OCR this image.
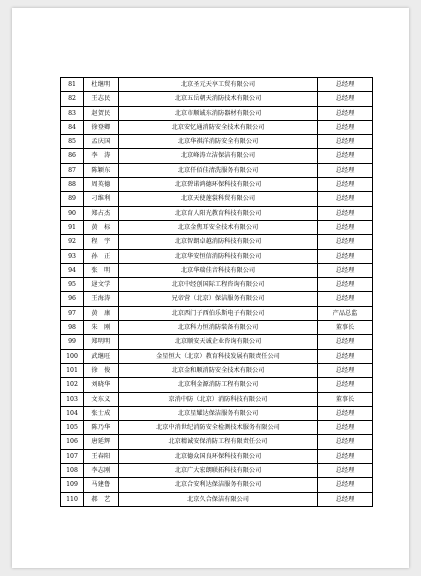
81	杜继明	北京圣元天享工贸有限公司	总经理
82	王志民	北京五岳朝天消防技术有限公司	总经理
83	赵贺民	北京市顺诚东消防器材有限公司	总经理
84	徐登卿	北京安忆通消防安全技术有限公司	总经理
85	孟庆国	北京华祺洋消防安全有限公司	总经理
86	李　涛	北京峰涛立洁保洁有限公司	总经理
87	陈颖东	北京仟佰佳清洗服务有限公司	总经理
88	周英德	北京碧诺鸿德环保科技有限公司	总经理
89	刁维利	北京天使莲裳科贸有限公司	总经理
90	郑占杰	北京育人阳光教育科技有限公司	总经理
91	黄　标	北京金焦耳安全技术有限公司	总经理
92	程　宇	北京智朗卓越消防科技有限公司	总经理
93	孙　正	北京华安恒信消防科技有限公司	总经理
94	张　明	北京华瑞佳音科技有限公司	总经理
95	逯文学	北京中经创国际工程咨询有限公司	总经理
96	王海涛	兄帝营（北京）保洁服务有限公司	总经理
97	黄　康	北京西门子西伯乐斯电子有限公司	产品总监
98	朱　刚	北京科力恒消防装备有限公司	董事长
99	郑明明	北京顺安天诚企业咨询有限公司	总经理
100	武继旺	金星恒大（北京）教育科技发展有限责任公司	总经理
101	徐　俊	北京金和顺消防安全技术有限公司	总经理
102	刘晓华	北京利金源消防工程有限公司	总经理
103	文东义	京消中防（北京）消防科技有限公司	董事长
104	张士成	北京星耀达保洁服务有限公司	总经理
105	陈乃华	北京中消世纪消防安全检测技术服务有限公司	总经理
106	唐延辉	北京精诚安保消防工程有限责任公司	总经理
107	王春阳	北京德众国良环保科技有限公司	总经理
108	李志刚	北京广大宏朗联拓科技有限公司	总经理
109	马建鲁	北京合安利达保洁服务有限公司	总经理
110	郝　艺	北京久合保洁有限公司	总经理
